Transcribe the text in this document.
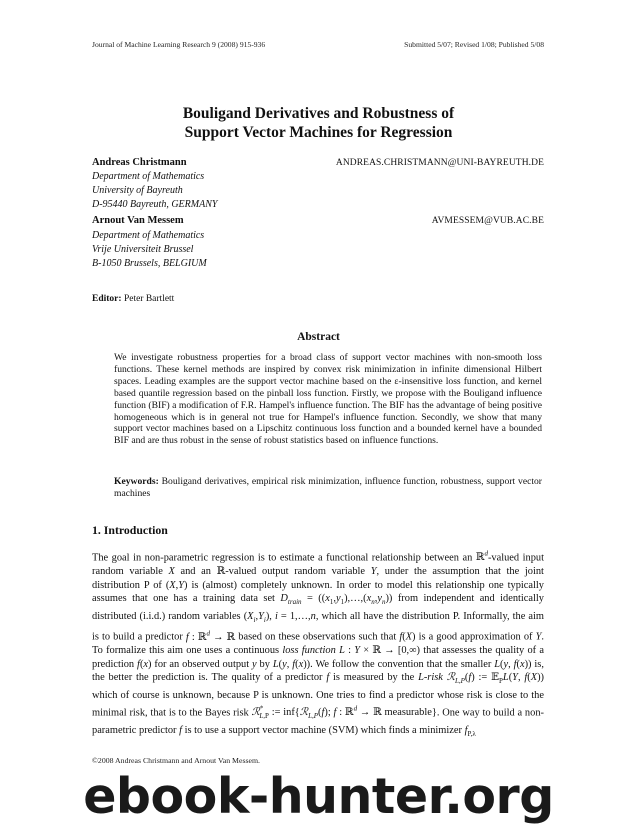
Journal of Machine Learning Research 9 (2008) 915-936	Submitted 5/07; Revised 1/08; Published 5/08
Bouligand Derivatives and Robustness of
Support Vector Machines for Regression
Andreas Christmann	ANDREAS.CHRISTMANN@UNI-BAYREUTH.DE
Department of Mathematics
University of Bayreuth
D-95440 Bayreuth, GERMANY
Arnout Van Messem	AVMESSEM@VUB.AC.BE
Department of Mathematics
Vrije Universiteit Brussel
B-1050 Brussels, BELGIUM
Editor: Peter Bartlett
Abstract
We investigate robustness properties for a broad class of support vector machines with non-smooth loss functions. These kernel methods are inspired by convex risk minimization in infinite dimensional Hilbert spaces. Leading examples are the support vector machine based on the ε-insensitive loss function, and kernel based quantile regression based on the pinball loss function. Firstly, we propose with the Bouligand influence function (BIF) a modification of F.R. Hampel's influence function. The BIF has the advantage of being positive homogeneous which is in general not true for Hampel's influence function. Secondly, we show that many support vector machines based on a Lipschitz continuous loss function and a bounded kernel have a bounded BIF and are thus robust in the sense of robust statistics based on influence functions.
Keywords: Bouligand derivatives, empirical risk minimization, influence function, robustness, support vector machines
1. Introduction
The goal in non-parametric regression is to estimate a functional relationship between an ℝ$^d$-valued input random variable X and an ℝ-valued output random variable Y, under the assumption that the joint distribution P of (X,Y) is (almost) completely unknown. In order to model this relationship one typically assumes that one has a training data set $D_{train}$ = $((x_1,y_1),\dots,(x_n,y_n))$ from independent and identically distributed (i.i.d.) random variables $(X_i,Y_i)$, i = 1,…,n, which all have the distribution P. Informally, the aim is to build a predictor f : ℝ$^d$ → ℝ based on these observations such that f(X) is a good approximation of Y. To formalize this aim one uses a continuous loss function L : Y × ℝ → [0,∞) that assesses the quality of a prediction f(x) for an observed output y by L(y, f(x)). We follow the convention that the smaller L(y, f(x)) is, the better the prediction is. The quality of a predictor f is measured by the L-risk ℛ$_{L,P}$(f) := 𝔼$_P$L(Y, f(X)) which of course is unknown, because P is unknown. One tries to find a predictor whose risk is close to the minimal risk, that is to the Bayes risk ℛ*$_{L,P}$ := inf{ℛ$_{L,P}$(f); f : ℝ$^d$ → ℝ measurable}. One way to build a non-parametric predictor f is to use a support vector machine (SVM) which finds a minimizer $f_{P,\lambda}$
©2008 Andreas Christmann and Arnout Van Messem.
ebook-hunter.org
